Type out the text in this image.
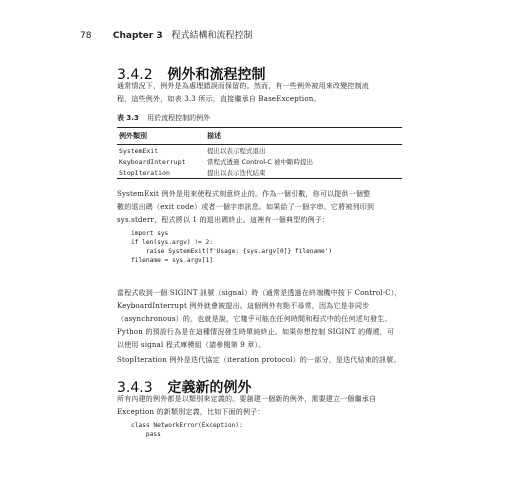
78 Chapter 3 程式結構和流程控制
3.4.2 例外和流程控制
通常情況下，例外是為處理錯誤而保留的。然而，有一些例外被用來改變控制流
程，這些例外，如表 3.3 所示，直接繼承自 BaseException。
表 3.3 用於流程控制的例外
例外類別	描述
SystemExit	提出以表示程式退出
KeyboardInterrupt	當程式透過 Control-C 被中斷時提出
StopIteration	提出以表示迭代結束
SystemExit 例外是用來使程式刻意終止的。作為一個引數，你可以提供一個整
數的退出碼（exit code）或者一個字串訊息。如果給了一個字串，它將被列印到
sys.stderr，程式將以 1 的退出碼終止。這裡有一個典型的例子：
import sys
if len(sys.argv) != 2:
raise SystemExit(f'Usage: {sys.argv[0]} filename')
filename = sys.argv[1]
當程式收到一個 SIGINT 訊號（signal）時（通常是透過在終端機中按下 Control-C），
KeyboardInterrupt 例外就會被提出。這個例外有點不尋常，因為它是非同步
（asynchronous）的，也就是說，它幾乎可能在任何時間和程式中的任何述句發生。
Python 的預設行為是在這種情況發生時單純終止。如果你想控制 SIGINT 的傳遞，可
以使用 signal 程式庫模組（請參閱第 9 章）。
StopIteration 例外是迭代協定（iteration protocol）的一部分，是迭代結束的訊號。
3.4.3 定義新的例外
所有內建的例外都是以類別來定義的。要創建一個新的例外，需要建立一個繼承自
Exception 的新類別定義，比如下面的例子：
class NetworkError(Exception):
pass
